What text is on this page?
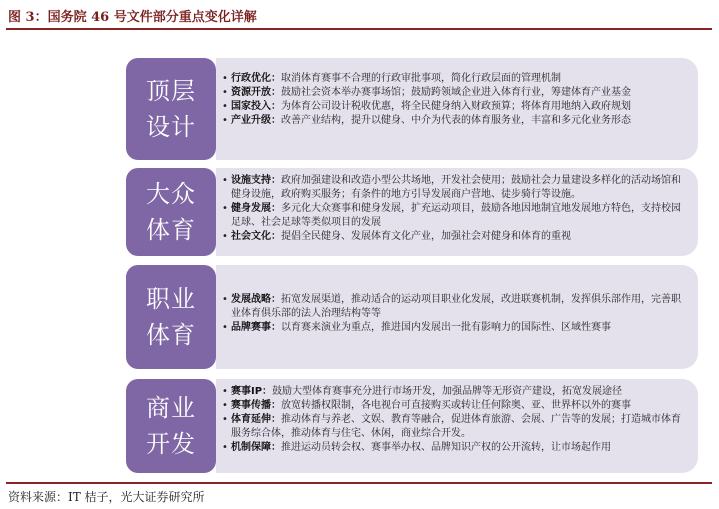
图 3：国务院 46 号文件部分重点变化详解
顶层设计
• 行政优化：取消体育赛事不合理的行政审批事项，简化行政层面的管理机制
• 资源开放：鼓励社会资本举办赛事场馆；鼓励跨领域企业进入体育行业，筹建体育产业基金
• 国家投入：为体育公司设计税收优惠，将全民健身纳入财政预算；将体育用地纳入政府规划
• 产业升级：改善产业结构，提升以健身、中介为代表的体育服务业，丰富和多元化业务形态
大众体育
• 设施支持：政府加强建设和改造小型公共场地，开发社会使用；鼓励社会力量建设多样化的活动场馆和健身设施，政府购买服务；有条件的地方引导发展商户营地、徒步骑行等设施。
• 健身发展：多元化大众赛事和健身发展，扩充运动项目，鼓励各地因地制宜地发展地方特色，支持校园足球、社会足球等类似项目的发展
• 社会文化：提倡全民健身、发展体育文化产业，加强社会对健身和体育的重视
职业体育
• 发展战略：拓宽发展渠道，推动适合的运动项目职业化发展，改进联赛机制，发挥俱乐部作用，完善职业体育俱乐部的法人治理结构等等
• 品牌赛事：以育赛来演业为重点，推进国内发展出一批有影响力的国际性、区域性赛事
商业开发
• 赛事IP：鼓励大型体育赛事充分进行市场开发，加强品牌等无形资产建设，拓宽发展途径
• 赛事传播：放宽转播权限制，各电视台可直接购买或转让任何除奥、亚、世界杯以外的赛事
• 体育延伸：推动体育与养老、文娱、教育等融合，促进体育旅游、会展、广告等的发展；打造城市体育服务综合体，推动体育与住宅、休闲，商业综合开发。
• 机制保障：推进运动员转会权、赛事举办权、品牌知识产权的公开流转，让市场起作用
资料来源：IT 桔子，光大证券研究所
